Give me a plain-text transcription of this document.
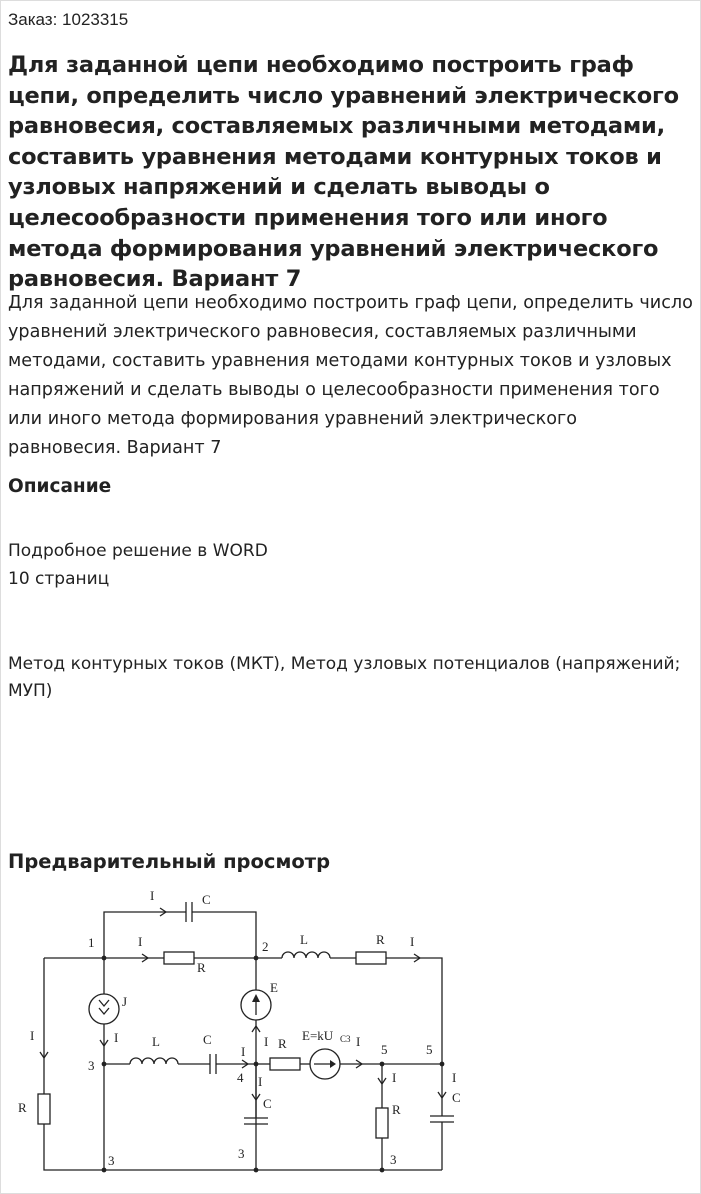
Заказ: 1023315
Для заданной цепи необходимо построить граф цепи, определить число уравнений электрического равновесия, составляемых различными методами, составить уравнения методами контурных токов и узловых напряжений и сделать выводы о целесообразности применения того или иного метода формирования уравнений электрического равновесия. Вариант 7
Для заданной цепи необходимо построить граф цепи, определить число уравнений электрического равновесия, составляемых различными методами, составить уравнения методами контурных токов и узловых напряжений и сделать выводы о целесообразности применения того или иного метода формирования уравнений электрического равновесия. Вариант 7
Описание
Подробное решение в WORD
10 страниц
Метод контурных токов (МКТ), Метод узловых потенциалов (напряжений; МУП)
Предварительный просмотр
1	2
3
3	3	3
4
5	5
I
I	I
I	I
I
I	I
I	I	I
C
C
C	C
L
L
R
R
R
R
R
E
E=kU C3
J
